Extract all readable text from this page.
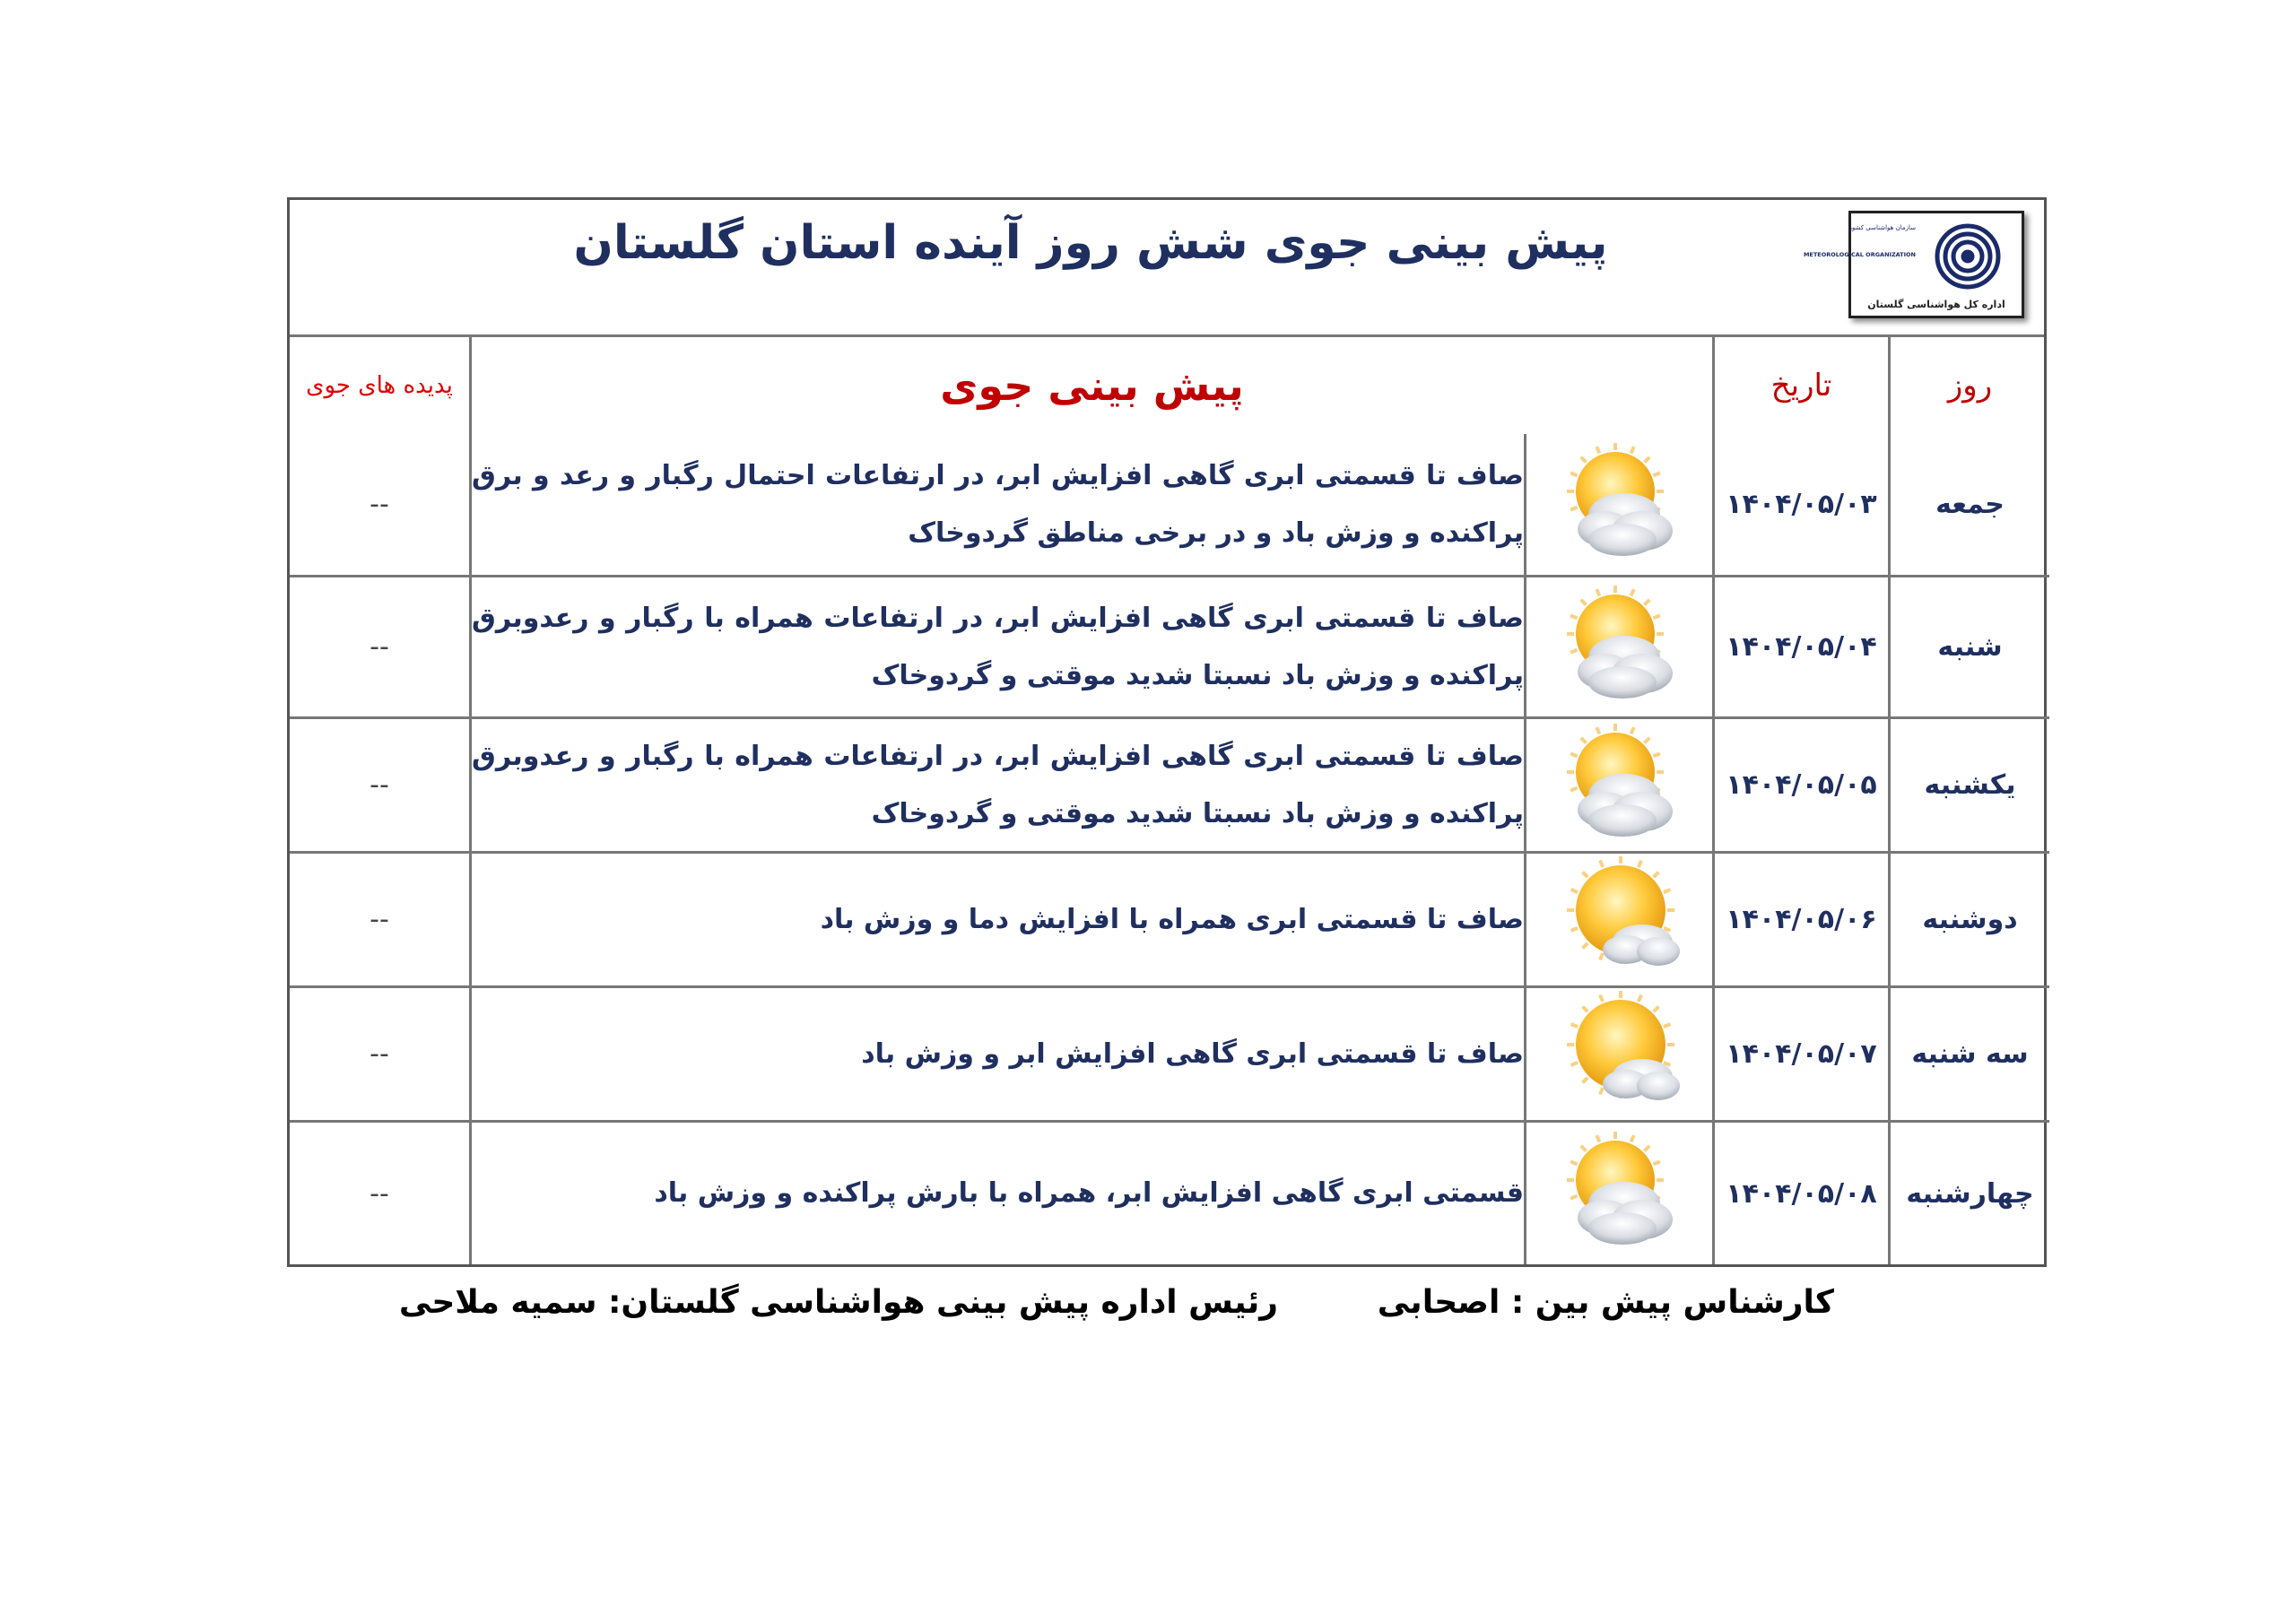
پیش بینی جوی شش روز آینده استان گلستان	سازمان هواشناسی کشور
METEOROLOGICAL ORGANIZATION
اداره کل هواشناسی گلستان
روز	تاریخ	پیش بینی جوی		پدیده های جوی
جمعه	۱۴۰۴/۰۵/۰۳		صاف تا قسمتی ابری گاهی افزایش ابر، در ارتفاعات احتمال رگبار و رعد و برق پراکنده و وزش باد و در برخی مناطق گردوخاک	--
شنبه	۱۴۰۴/۰۵/۰۴		صاف تا قسمتی ابری گاهی افزایش ابر، در ارتفاعات همراه با رگبار و رعدوبرق پراکنده و وزش باد نسبتا شدید موقتی و گردوخاک	--
یکشنبه	۱۴۰۴/۰۵/۰۵		صاف تا قسمتی ابری گاهی افزایش ابر، در ارتفاعات همراه با رگبار و رعدوبرق پراکنده و وزش باد نسبتا شدید موقتی و گردوخاک	--
دوشنبه	۱۴۰۴/۰۵/۰۶		صاف تا قسمتی ابری همراه با افزایش دما و وزش باد	--
سه شنبه	۱۴۰۴/۰۵/۰۷		صاف تا قسمتی ابری گاهی افزایش ابر و وزش باد	--
چهارشنبه	۱۴۰۴/۰۵/۰۸		قسمتی ابری گاهی افزایش ابر، همراه با بارش پراکنده و وزش باد	--
کارشناس پیش بین : اصحابی
رئیس اداره پیش بینی هواشناسی گلستان: سمیه ملاحی
